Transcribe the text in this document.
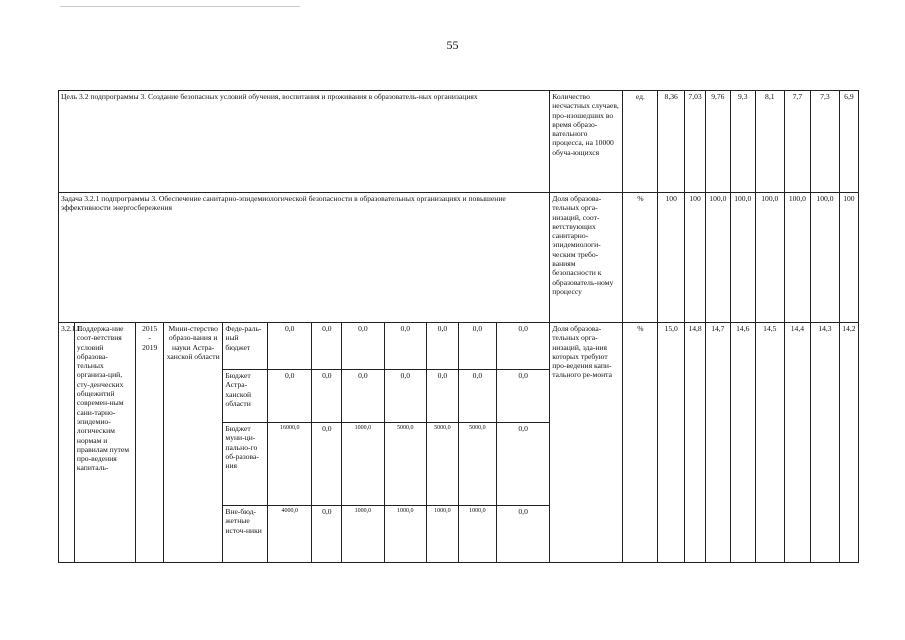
55
Цель 3.2 подпрограммы 3. Создание безопасных условий обучения, воспитания и проживания в образователь-ных организациях												Количество несчастных случаев, про-изошедших во время образо-вательного процесса, на 10000 обуча-ющихся	ед.	8,36	7,03	9,76	9,3	8,1	7,7	7,3	6,9
Задача 3.2.1 подпрограммы 3. Обеспечение санитарно-эпидемиологической безопасности в образовательных организациях и повышение эффективности энергосбережения												Доля образова-тельных орга-низаций, соот-ветствующих санитарно-эпидемиологи-ческим требо-ваниям безопасности к образователь-ному процессу	%	100	100	100,0	100,0	100,0	100,0	100,0	100
3.2.1.1.	Поддержа-ние соот-ветствия условий образова-тельных организа-ций, сту-денческих общежитий современ-ным сани-тарно-эпидемио-логическим нормам и правилам путем про-ведения капиталь-	2015
-
2019	Мини-стерство образо-вания и науки Астра-ханской области	Феде-раль-ный бюджет	0,0	0,0	0,0	0,0	0,0	0,0	0,0	Доля образова-тельных орга-низаций, зда-ния которых требуют про-ведения капи-тального ре-монта	%	15,0	14,8	14,7	14,6	14,5	14,4	14,3	14,2
				Бюджет Астра-ханской области	0,0	0,0	0,0	0,0	0,0	0,0	0,0										
				Бюджет муни-ци-пально-го об-разова-ния	16000,0	0,0	1000,0	5000,0	5000,0	5000,0	0,0										
				Вне-бюд-жетные источ-ники	4000,0	0,0	1000,0	1000,0	1000,0	1000,0	0,0										
